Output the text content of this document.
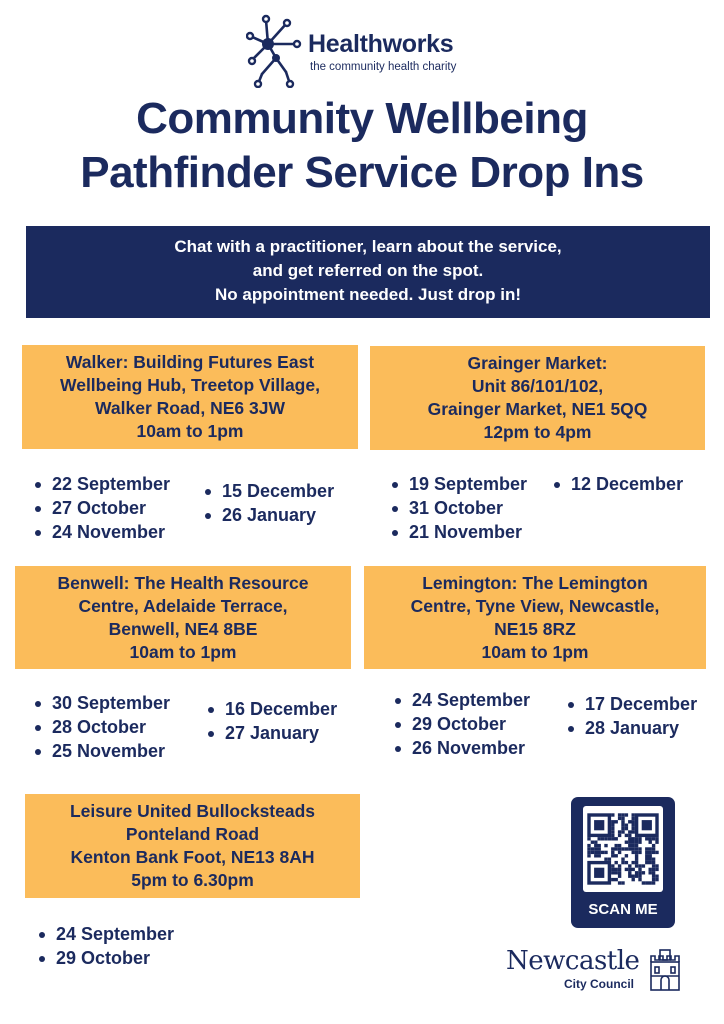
Healthworks
the community health charity
Community Wellbeing
Pathfinder Service Drop Ins
Chat with a practitioner, learn about the service,
and get referred on the spot.
No appointment needed. Just drop in!
Walker: Building Futures East
Wellbeing Hub, Treetop Village,
Walker Road, NE6 3JW
10am to 1pm
22 September
27 October
24 November
15 December
26 January
Grainger Market:
Unit 86/101/102,
Grainger Market, NE1 5QQ
12pm to 4pm
19 September
31 October
21 November
12 December
Benwell: The Health Resource
Centre, Adelaide Terrace,
Benwell, NE4 8BE
10am to 1pm
30 September
28 October
25 November
16 December
27 January
Lemington: The Lemington
Centre, Tyne View, Newcastle,
NE15 8RZ
10am to 1pm
24 September
29 October
26 November
17 December
28 January
Leisure United Bullocksteads
Ponteland Road
Kenton Bank Foot, NE13 8AH
5pm to 6.30pm
24 September
29 October
SCAN ME
Newcastle
City Council
